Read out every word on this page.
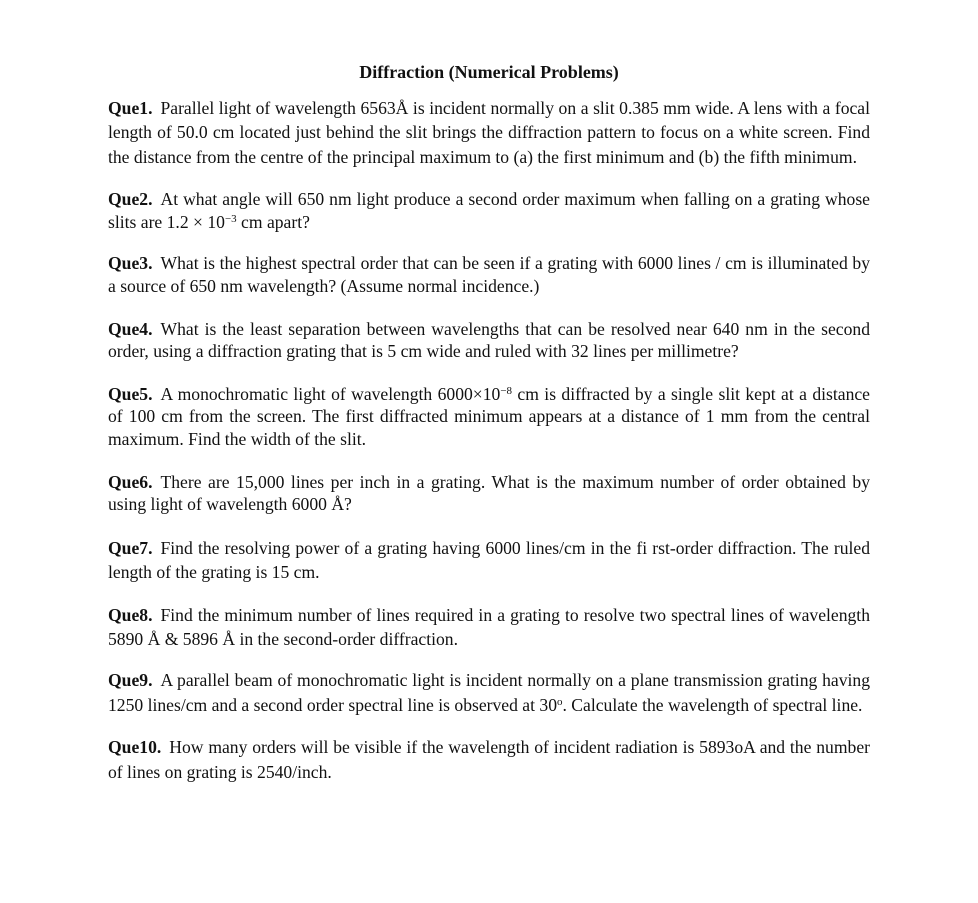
Diffraction (Numerical Problems)
Que1. Parallel light of wavelength 6563Å is incident normally on a slit 0.385 mm wide. A lens with a focal length of 50.0 cm located just behind the slit brings the diffraction pattern to focus on a white screen. Find the distance from the centre of the principal maximum to (a) the first minimum and (b) the fifth minimum.
Que2. At what angle will 650 nm light produce a second order maximum when falling on a grating whose slits are $1.2 \times 10^{-3}$ cm apart?
Que3. What is the highest spectral order that can be seen if a grating with 6000 lines / cm is illuminated by a source of 650 nm wavelength? (Assume normal incidence.)
Que4. What is the least separation between wavelengths that can be resolved near 640 nm in the second order, using a diffraction grating that is 5 cm wide and ruled with 32 lines per millimetre?
Que5. A monochromatic light of wavelength $6000\times 10^{-8}$ cm is diffracted by a single slit kept at a distance of 100 cm from the screen. The first diffracted minimum appears at a distance of 1 mm from the central maximum. Find the width of the slit.
Que6. There are 15,000 lines per inch in a grating. What is the maximum number of order obtained by using light of wavelength 6000 Å?
Que7. Find the resolving power of a grating having 6000 lines/cm in the fi rst-order diffraction. The ruled length of the grating is 15 cm.
Que8. Find the minimum number of lines required in a grating to resolve two spectral lines of wavelength 5890 Å & 5896 Å in the second-order diffraction.
Que9. A parallel beam of monochromatic light is incident normally on a plane transmission grating having 1250 lines/cm and a second order spectral line is observed at 30$^o$. Calculate the wavelength of spectral line.
Que10. How many orders will be visible if the wavelength of incident radiation is 5893oA and the number of lines on grating is 2540/inch.
